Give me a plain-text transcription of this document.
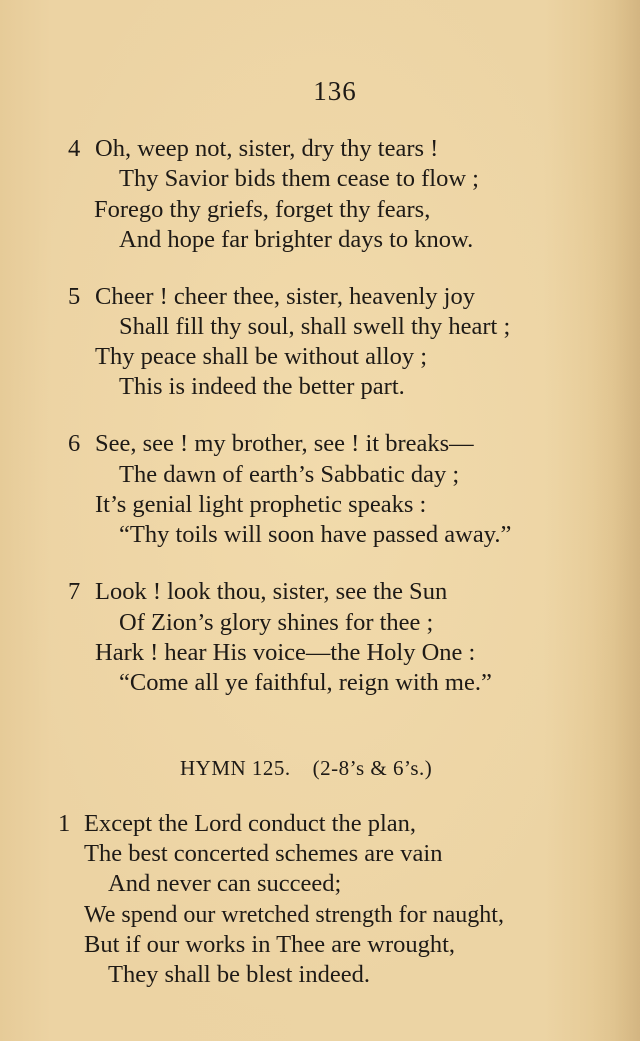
136
4 Oh, weep not, sister, dry thy tears !
Thy Savior bids them cease to flow ;
Forego thy griefs, forget thy fears,
And hope far brighter days to know.
5 Cheer ! cheer thee, sister, heavenly joy
Shall fill thy soul, shall swell thy heart ;
Thy peace shall be without alloy ;
This is indeed the better part.
6 See, see ! my brother, see ! it breaks—
The dawn of earth’s Sabbatic day ;
It’s genial light prophetic speaks :
“Thy toils will soon have passed away.”
7 Look ! look thou, sister, see the Sun
Of Zion’s glory shines for thee ;
Hark ! hear His voice—the Holy One :
“Come all ye faithful, reign with me.”
HYMN 125. (2-8’s & 6’s.)
1 Except the Lord conduct the plan,
The best concerted schemes are vain
And never can succeed;
We spend our wretched strength for naught,
But if our works in Thee are wrought,
They shall be blest indeed.
